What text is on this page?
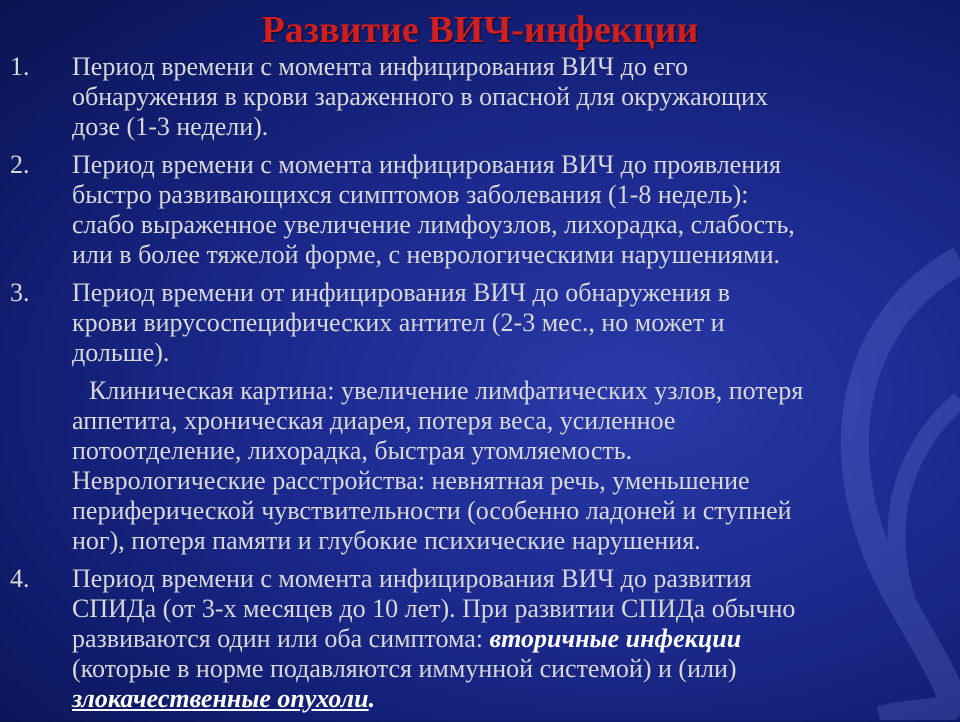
Развитие ВИЧ-инфекции
1. Период времени с момента инфицирования ВИЧ до его
обнаружения в крови зараженного в опасной для окружающих
дозе (1-3 недели).
2. Период времени с момента инфицирования ВИЧ до проявления
быстро развивающихся симптомов заболевания (1-8 недель):
слабо выраженное увеличение лимфоузлов, лихорадка, слабость,
или в более тяжелой форме, с неврологическими нарушениями.
3. Период времени от инфицирования ВИЧ до обнаружения в
крови вирусоспецифических антител (2-3 мес., но может и
дольше).
Клиническая картина: увеличение лимфатических узлов, потеря
аппетита, хроническая диарея, потеря веса, усиленное
потоотделение, лихорадка, быстрая утомляемость.
Неврологические расстройства: невнятная речь, уменьшение
периферической чувствительности (особенно ладоней и ступней
ног), потеря памяти и глубокие психические нарушения.
4. Период времени с момента инфицирования ВИЧ до развития
СПИДа (от 3-х месяцев до 10 лет). При развитии СПИДа обычно
развиваются один или оба симптома: вторичные инфекции
(которые в норме подавляются иммунной системой) и (или)
злокачественные опухоли.
